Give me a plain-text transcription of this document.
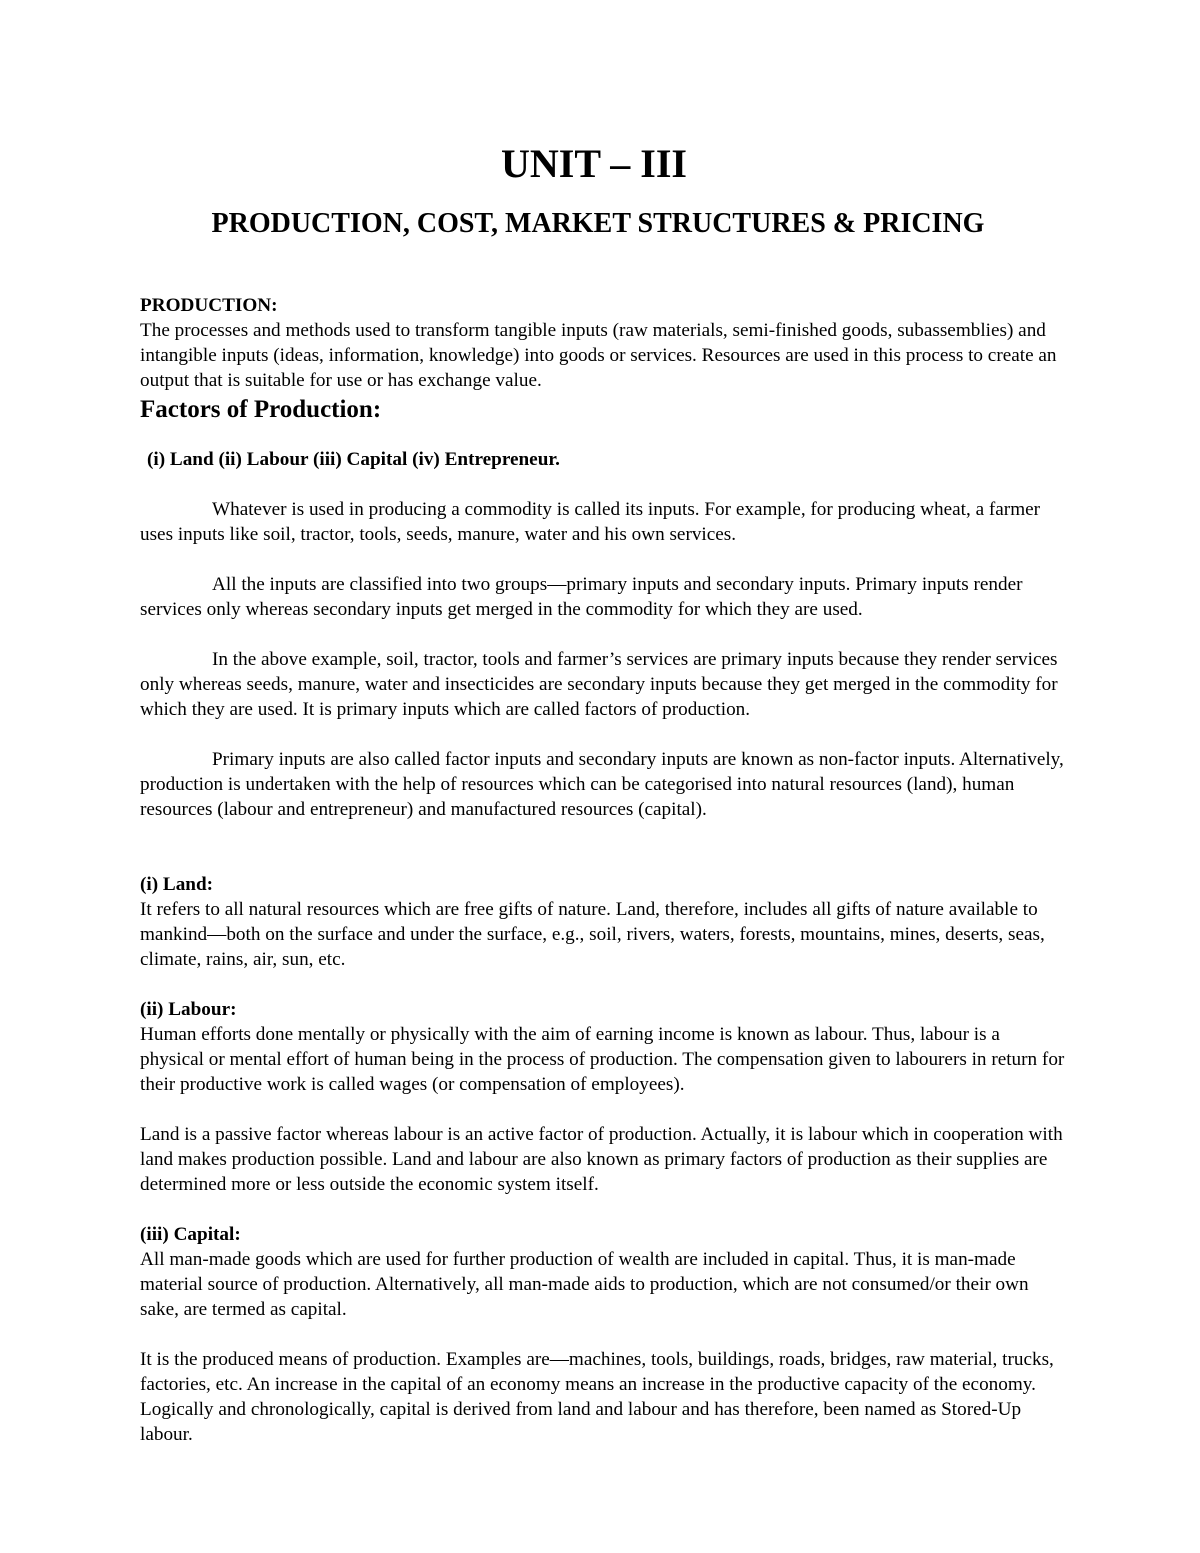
UNIT – III
PRODUCTION, COST, MARKET STRUCTURES & PRICING

PRODUCTION:

The processes and methods used to transform tangible inputs (raw materials, semi-finished goods, subassemblies) and intangible inputs (ideas, information, knowledge) into goods or services. Resources are used in this process to create an output that is suitable for use or has exchange value.

Factors of Production:

(i) Land (ii) Labour (iii) Capital (iv) Entrepreneur.

Whatever is used in producing a commodity is called its inputs. For example, for producing wheat, a farmer uses inputs like soil, tractor, tools, seeds, manure, water and his own services.

All the inputs are classified into two groups—primary inputs and secondary inputs. Primary inputs render services only whereas secondary inputs get merged in the commodity for which they are used.

In the above example, soil, tractor, tools and farmer’s services are primary inputs because they render services only whereas seeds, manure, water and insecticides are secondary inputs because they get merged in the commodity for which they are used. It is primary inputs which are called factors of production.

Primary inputs are also called factor inputs and secondary inputs are known as non-factor inputs. Alternatively, production is undertaken with the help of resources which can be categorised into natural resources (land), human resources (labour and entrepreneur) and manufactured resources (capital).

(i) Land:

It refers to all natural resources which are free gifts of nature. Land, therefore, includes all gifts of nature available to mankind—both on the surface and under the surface, e.g., soil, rivers, waters, forests, mountains, mines, deserts, seas, climate, rains, air, sun, etc.

(ii) Labour:

Human efforts done mentally or physically with the aim of earning income is known as labour. Thus, labour is a physical or mental effort of human being in the process of production. The compensation given to labourers in return for their productive work is called wages (or compensation of employees).

Land is a passive factor whereas labour is an active factor of production. Actually, it is labour which in cooperation with land makes production possible. Land and labour are also known as primary factors of production as their supplies are determined more or less outside the economic system itself.

(iii) Capital:

All man-made goods which are used for further production of wealth are included in capital. Thus, it is man-made material source of production. Alternatively, all man-made aids to production, which are not consumed/or their own sake, are termed as capital.

It is the produced means of production. Examples are—machines, tools, buildings, roads, bridges, raw material, trucks, factories, etc. An increase in the capital of an economy means an increase in the productive capacity of the economy. Logically and chronologically, capital is derived from land and labour and has therefore, been named as Stored-Up labour.
